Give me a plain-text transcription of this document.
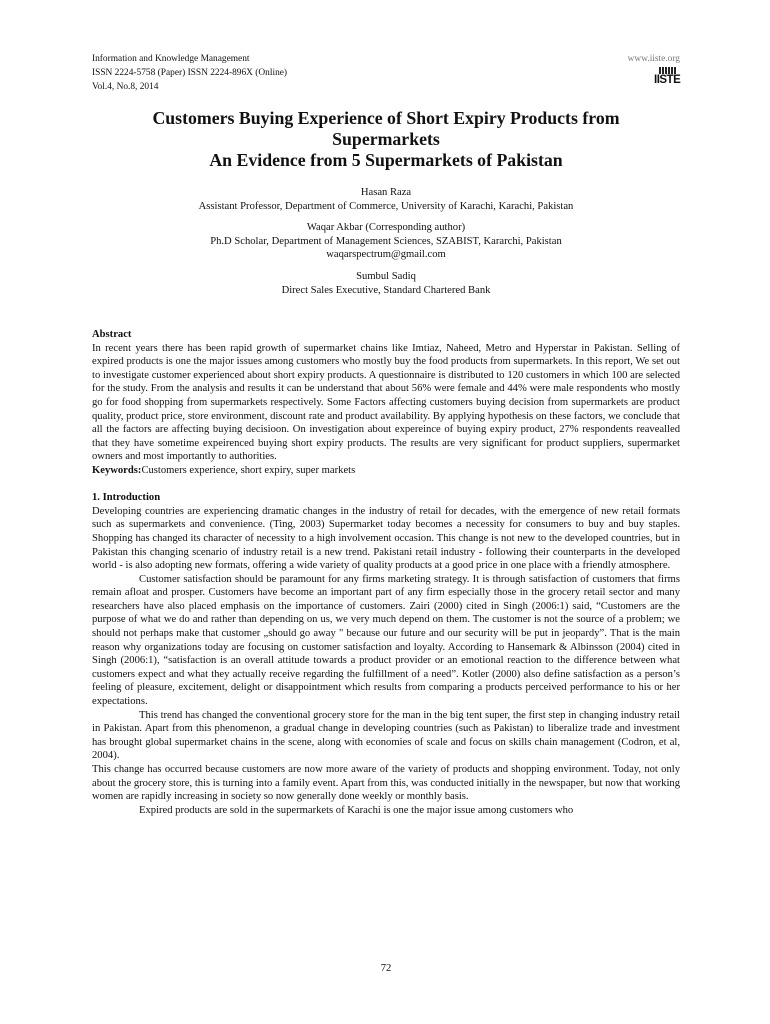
Information and Knowledge Management
ISSN 2224-5758 (Paper) ISSN 2224-896X (Online)
Vol.4, No.8, 2014
www.iiste.org
IISTE
Customers Buying Experience of Short Expiry Products from
Supermarkets
An Evidence from 5 Supermarkets of Pakistan
Hasan Raza
Assistant Professor, Department of Commerce, University of Karachi, Karachi, Pakistan
Waqar Akbar (Corresponding author)
Ph.D Scholar, Department of Management Sciences, SZABIST, Kararchi, Pakistan
waqarspectrum@gmail.com
Sumbul Sadiq
Direct Sales Executive, Standard Chartered Bank

Abstract

In recent years there has been rapid growth of supermarket chains like Imtiaz, Naheed, Metro and Hyperstar in Pakistan. Selling of expired products is one the major issues among customers who mostly buy the food products from supermarkets. In this report, We set out to investigate customer experienced about short expiry products. A questionnaire is distributed to 120 customers in which 100 are selected for the study. From the analysis and results it can be understand that about 56% were female and 44% were male respondents who mostly go for food shopping from supermarkets respectively. Some Factors affecting customers buying decision from supermarkets are product quality, product price, store environment, discount rate and product availability. By applying hypothesis on these factors, we conclude that all the factors are affecting buying decisioon. On investigation about expereince of buying expiry product, 27% respondents reavealled that they have sometime expeirenced buying short expiry products. The results are very significant for product suppliers, supermarket owners and most importantly to authorities.

Keywords:Customers experience, short expiry, super markets

1. Introduction

Developing countries are experiencing dramatic changes in the industry of retail for decades, with the emergence of new retail formats such as supermarkets and convenience. (Ting, 2003) Supermarket today becomes a necessity for consumers to buy and buy staples. Shopping has changed its character of necessity to a high involvement occasion. This change is not new to the developed countries, but in Pakistan this changing scenario of industry retail is a new trend. Pakistani retail industry - following their counterparts in the developed world - is also adopting new formats, offering a wide variety of quality products at a good price in one place with a friendly atmosphere.

Customer satisfaction should be paramount for any firms marketing strategy. It is through satisfaction of customers that firms remain afloat and prosper. Customers have become an important part of any firm especially those in the grocery retail sector and many researchers have also placed emphasis on the importance of customers. Zairi (2000) cited in Singh (2006:1) said, “Customers are the purpose of what we do and rather than depending on us, we very much depend on them. The customer is not the source of a problem; we should not perhaps make that customer „should go away " because our future and our security will be put in jeopardy”. That is the main reason why organizations today are focusing on customer satisfaction and loyalty. According to Hansemark & Albinsson (2004) cited in Singh (2006:1), “satisfaction is an overall attitude towards a product provider or an emotional reaction to the difference between what customers expect and what they actually receive regarding the fulfillment of a need”. Kotler (2000) also define satisfaction as a person’s feeling of pleasure, excitement, delight or disappointment which results from comparing a products perceived performance to his or her expectations.

This trend has changed the conventional grocery store for the man in the big tent super, the first step in changing industry retail in Pakistan. Apart from this phenomenon, a gradual change in developing countries (such as Pakistan) to liberalize trade and investment has brought global supermarket chains in the scene, along with economies of scale and focus on skills chain management (Codron, et al, 2004).

This change has occurred because customers are now more aware of the variety of products and shopping environment. Today, not only about the grocery store, this is turning into a family event. Apart from this, was conducted initially in the newspaper, but now that working women are rapidly increasing in society so now generally done weekly or monthly basis.

Expired products are sold in the supermarkets of Karachi is one the major issue among customers who

72
